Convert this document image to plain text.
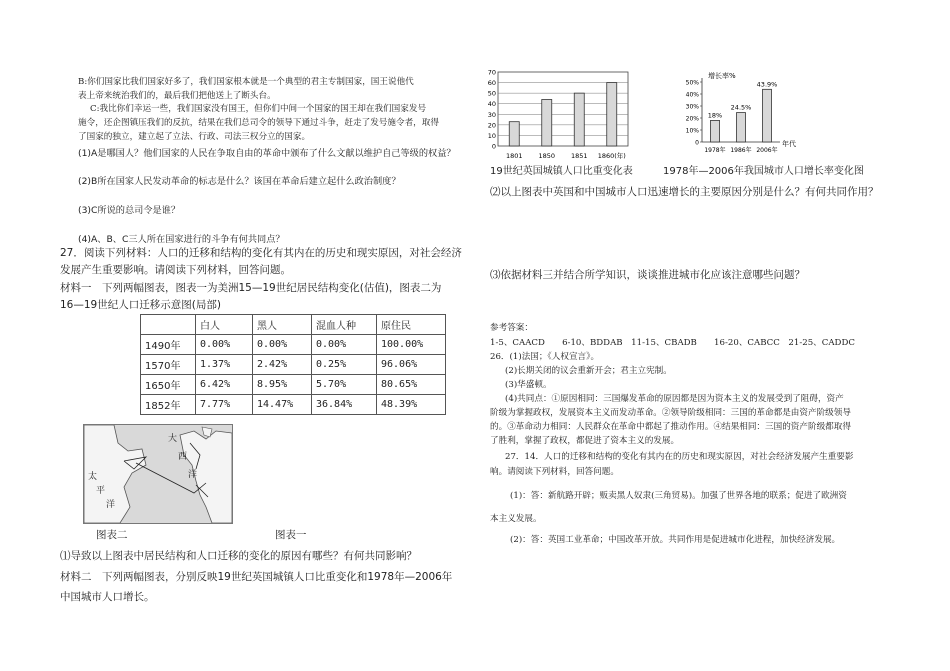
B:你们国家比我们国家好多了，我们国家根本就是一个典型的君主专制国家，国王说他代
表上帝来统治我们的，最后我们把他送上了断头台。
C:我比你们幸运一些，我们国家没有国王，但你们中间一个国家的国王却在我们国家发号
施令，还企图镇压我们的反抗，结果在我们总司令的领导下通过斗争，赶走了发号施令者，取得
了国家的独立，建立起了立法、行政、司法三权分立的国家。
(1)A是哪国人？他们国家的人民在争取自由的革命中颁布了什么文献以维护自己等级的权益？
(2)B所在国家人民发动革命的标志是什么？该国在革命后建立起什么政治制度？
(3)C所说的总司令是谁？
(4)A、B、C三人所在国家进行的斗争有何共同点？
27．阅读下列材料：人口的迁移和结构的变化有其内在的历史和现实原因，对社会经济
发展产生重要影响。请阅读下列材料，回答问题。
材料一　下列两幅图表，图表一为美洲15—19世纪居民结构变化(估值)，图表二为
16—19世纪人口迁移示意图(局部)
	白人	黑人	混血人种	原住民
1490年	0.00%	0.00%	0.00%	100.00%
1570年	1.37%	2.42%	0.25%	96.06%
1650年	6.42%	8.95%	5.70%	80.65%
1852年	7.77%	14.47%	36.84%	48.39%
大
西
洋
太
平
洋
图表二	图表一
⑴导致以上图表中居民结构和人口迁移的变化的原因有哪些？有何共同影响？
材料二　下列两幅图表，分别反映19世纪英国城镇人口比重变化和1978年—2006年
中国城市人口增长。
0
10
20
30
40
50
60
70
1801 1850 1851 1860(年)
增长率%
年代
0
10%
20%
30%
40%
50%
1978年 1986年 2006年
18%
24.5%
43.9%
19世纪英国城镇人口比重变化表	1978年—2006年我国城市人口增长率变化图
⑵以上图表中英国和中国城市人口迅速增长的主要原因分别是什么？有何共同作用？
⑶依据材料三并结合所学知识，谈谈推进城市化应该注意哪些问题？
参考答案：
1-5、CAACD　　6-10、BDDAB　11-15、CBADB　　16-20、CABCC　21-25、CADDC
26．(1)法国；《人权宣言》。
(2)长期关闭的议会重新开会；君主立宪制。
(3)华盛顿。
(4)共同点：①原因相同：三国爆发革命的原因都是因为资本主义的发展受到了阻碍，资产
阶级为掌握政权，发展资本主义而发动革命。②领导阶级相同：三国的革命都是由资产阶级领导
的。③革命动力相同：人民群众在革命中都起了推动作用。④结果相同：三国的资产阶级都取得
了胜利，掌握了政权，都促进了资本主义的发展。
27．14．人口的迁移和结构的变化有其内在的历史和现实原因，对社会经济发展产生重要影
响。请阅读下列材料，回答问题。
(1)：答：新航路开辟；贩卖黑人奴隶(三角贸易)。加强了世界各地的联系；促进了欧洲资
本主义发展。
(2)：答：英国工业革命；中国改革开放。共同作用是促进城市化进程，加快经济发展。
